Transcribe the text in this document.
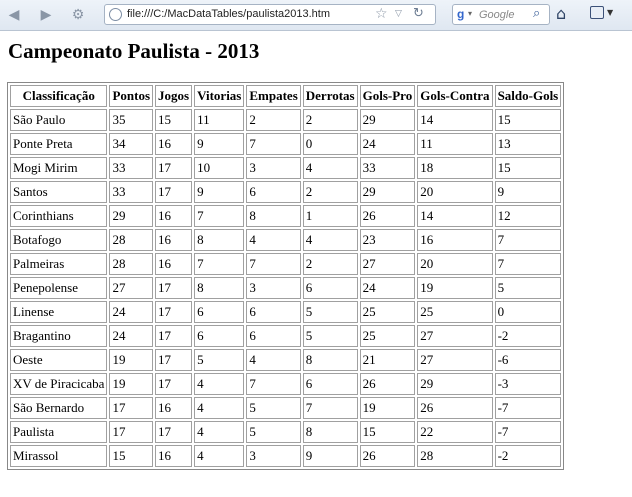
◀	▶	⚙	file:///C:/MacDataTables/paulista2013.htm	☆ ▽ ↻	g ▾
Google	⌕ ⌂	▼
Campeonato Paulista - 2013
Classificação	Pontos	Jogos	Vitorias	Empates	Derrotas	Gols-Pro	Gols-Contra	Saldo-Gols
São Paulo	35	15	11	2	2	29	14	15
Ponte Preta	34	16	9	7	0	24	11	13
Mogi Mirim	33	17	10	3	4	33	18	15
Santos	33	17	9	6	2	29	20	9
Corinthians	29	16	7	8	1	26	14	12
Botafogo	28	16	8	4	4	23	16	7
Palmeiras	28	16	7	7	2	27	20	7
Penepolense	27	17	8	3	6	24	19	5
Linense	24	17	6	6	5	25	25	0
Bragantino	24	17	6	6	5	25	27	-2
Oeste	19	17	5	4	8	21	27	-6
XV de Piracicaba	19	17	4	7	6	26	29	-3
São Bernardo	17	16	4	5	7	19	26	-7
Paulista	17	17	4	5	8	15	22	-7
Mirassol	15	16	4	3	9	26	28	-2
